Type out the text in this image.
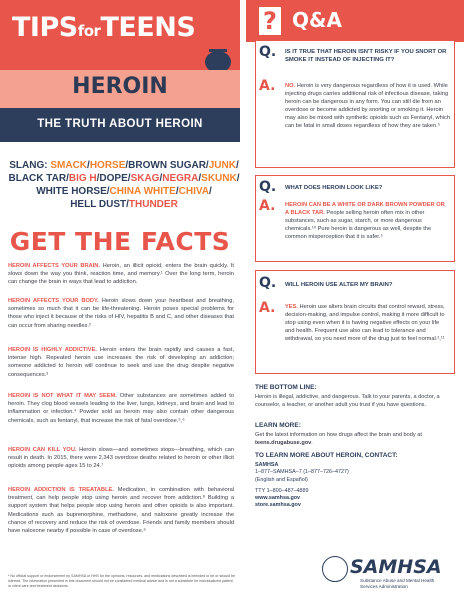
TIPSforTEENS
HEROIN
THE TRUTH ABOUT HEROIN
SLANG: SMACK/HORSE/BROWN SUGAR/JUNK/
BLACK TAR/BIG H/DOPE/SKAG/NEGRA/SKUNK/
WHITE HORSE/CHINA WHITE/CHIVA/
HELL DUST/THUNDER
GET THE FACTS
HEROIN AFFECTS YOUR BRAIN. Heroin, an illicit opioid, enters the brain quickly. It slows down the way you think, reaction time, and memory.¹ Over the long term, heroin can change the brain in ways that lead to addiction.
HEROIN AFFECTS YOUR BODY. Heroin slows down your heartbeat and breathing, sometimes so much that it can be life-threatening. Heroin poses special problems for those who inject it because of the risks of HIV, hepatitis B and C, and other diseases that can occur from sharing needles.²
HEROIN IS HIGHLY ADDICTIVE. Heroin enters the brain rapidly and causes a fast, intense high. Repeated heroin use increases the risk of developing an addiction; someone addicted to heroin will continue to seek and use the drug despite negative consequences.³
HEROIN IS NOT WHAT IT MAY SEEM. Other substances are sometimes added to heroin. They clog blood vessels leading to the liver, lungs, kidneys, and brain and lead to inflammation or infection.⁴ Powder sold as heroin may also contain other dangerous chemicals, such as fentanyl, that increase the risk of fatal overdose.⁵,⁶
HEROIN CAN KILL YOU. Heroin slows—and sometimes stops—breathing, which can result in death. In 2015, there were 2,343 overdose deaths related to heroin or other illicit opioids among people ages 15 to 24.⁷
HEROIN ADDICTION IS TREATABLE. Medication, in combination with behavioral treatment, can help people stop using heroin and recover from addiction.⁸ Building a support system that helps people stop using heroin and other opioids is also important. Medications such as buprenorphine, methadone, and naloxone greatly increase the chance of recovery and reduce the risk of overdose. Friends and family members should have naloxone nearby if possible in case of overdose.⁹
* No official support or endorsement by SAMHSA or HHS for the opinions, resources, and medications described is intended to be or should be inferred. The information presented in this document should not be considered medical advice and is not a substitute for individualized patient or client care and treatment decisions.
? Q&A
Q. IS IT TRUE THAT HEROIN ISN'T RISKY IF YOU SNORT OR SMOKE IT INSTEAD OF INJECTING IT?
A. NO. Heroin is very dangerous regardless of how it is used. While injecting drugs carries additional risk of infectious disease, taking heroin can be dangerous in any form. You can still die from an overdose or become addicted by snorting or smoking it. Heroin may also be mixed with synthetic opioids such as Fentanyl, which can be fatal in small doses regardless of how they are taken.⁵
Q. WHAT DOES HEROIN LOOK LIKE?
A. HEROIN CAN BE A WHITE OR DARK BROWN POWDER OR A BLACK TAR. People selling heroin often mix in other substances, such as sugar, starch, or more dangerous chemicals.¹⁰ Pure heroin is dangerous as well, despite the common misperception that it is safer.⁵
Q. WILL HEROIN USE ALTER MY BRAIN?
A. YES. Heroin use alters brain circuits that control reward, stress, decision-making, and impulse control, making it more difficult to stop using even when it is having negative effects on your life and health. Frequent use also can lead to tolerance and withdrawal, so you need more of the drug just to feel normal.²,¹¹
THE BOTTOM LINE:
Heroin is illegal, addictive, and dangerous. Talk to your parents, a doctor, a counselor, a teacher, or another adult you trust if you have questions.
LEARN MORE:
Get the latest information on how drugs affect the brain and body at teens.drugabuse.gov.
TO LEARN MORE ABOUT HEROIN, CONTACT:
SAMHSA
1–877–SAMHSA–7 (1–877–726–4727)
(English and Español)
TTY 1–800–487–4889
www.samhsa.gov
store.samhsa.gov
SAMHSA
Substance Abuse and Mental Health
Services Administration
